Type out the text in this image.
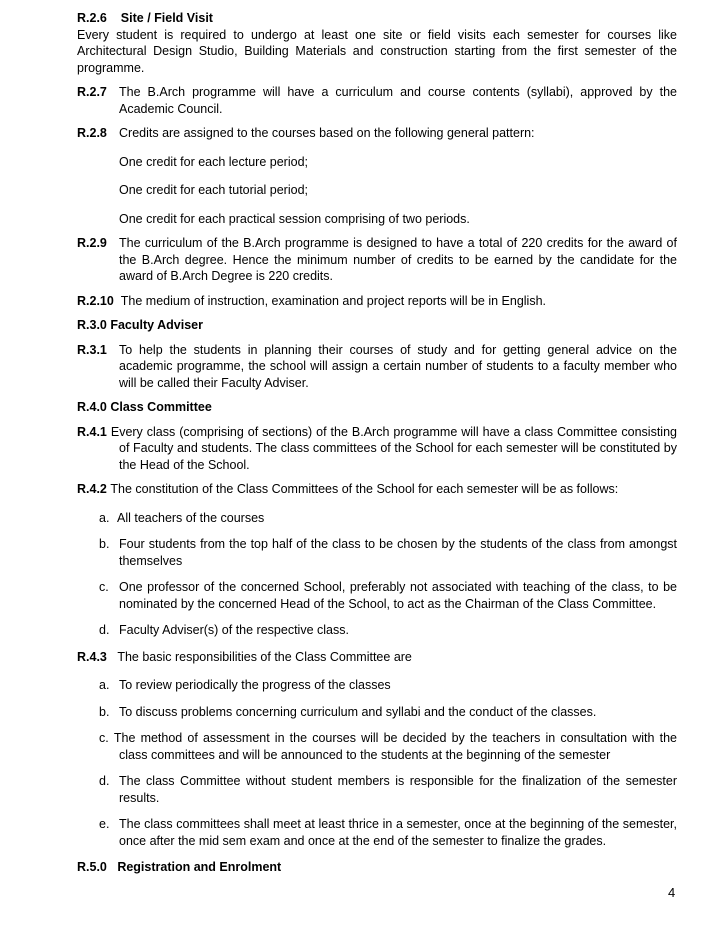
R.2.6 Site / Field Visit
Every student is required to undergo at least one site or field visits each semester for courses like Architectural Design Studio, Building Materials and construction starting from the first semester of the programme.
R.2.7 The B.Arch programme will have a curriculum and course contents (syllabi), approved by the Academic Council.
R.2.8 Credits are assigned to the courses based on the following general pattern:
One credit for each lecture period;
One credit for each tutorial period;
One credit for each practical session comprising of two periods.
R.2.9 The curriculum of the B.Arch programme is designed to have a total of 220 credits for the award of the B.Arch degree. Hence the minimum number of credits to be earned by the candidate for the award of B.Arch Degree is 220 credits.
R.2.10 The medium of instruction, examination and project reports will be in English.
R.3.0 Faculty Adviser
R.3.1 To help the students in planning their courses of study and for getting general advice on the academic programme, the school will assign a certain number of students to a faculty member who will be called their Faculty Adviser.
R.4.0 Class Committee
R.4.1 Every class (comprising of sections) of the B.Arch programme will have a class Committee consisting of Faculty and students. The class committees of the School for each semester will be constituted by the Head of the School.
R.4.2 The constitution of the Class Committees of the School for each semester will be as follows:
a. All teachers of the courses
b. Four students from the top half of the class to be chosen by the students of the class from amongst themselves
c. One professor of the concerned School, preferably not associated with teaching of the class, to be nominated by the concerned Head of the School, to act as the Chairman of the Class Committee.
d. Faculty Adviser(s) of the respective class.
R.4.3 The basic responsibilities of the Class Committee are
a. To review periodically the progress of the classes
b. To discuss problems concerning curriculum and syllabi and the conduct of the classes.
c. The method of assessment in the courses will be decided by the teachers in consultation with the class committees and will be announced to the students at the beginning of the semester
d. The class Committee without student members is responsible for the finalization of the semester results.
e. The class committees shall meet at least thrice in a semester, once at the beginning of the semester, once after the mid sem exam and once at the end of the semester to finalize the grades.
R.5.0 Registration and Enrolment
4
